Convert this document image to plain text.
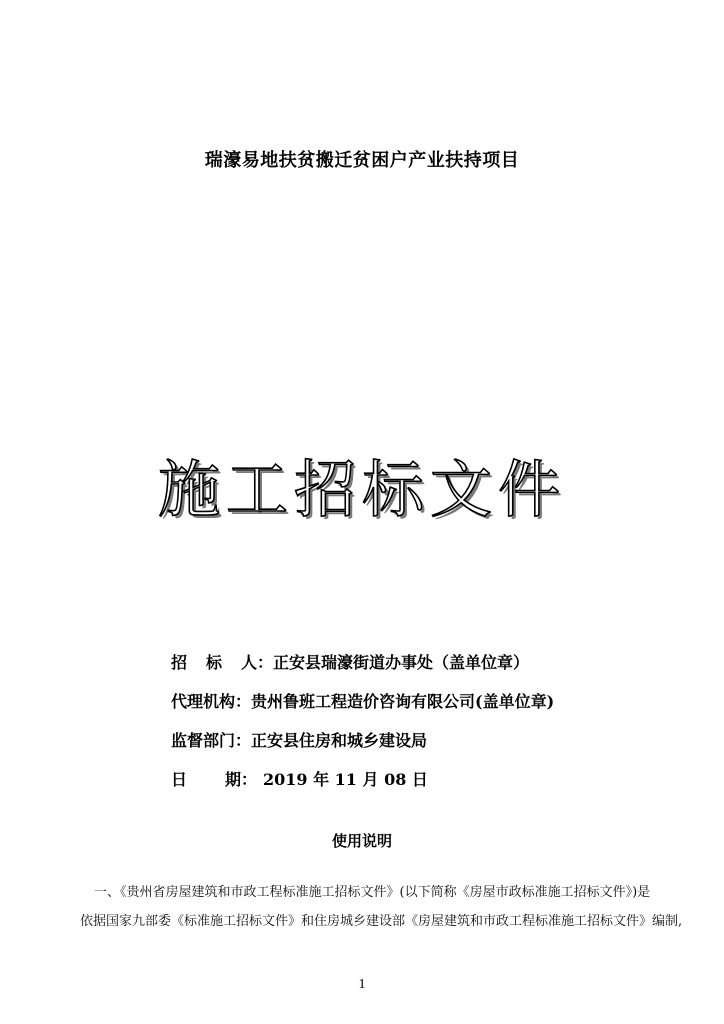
瑞濠易地扶贫搬迁贫困户产业扶持项目
施工招标文件
招 标 人 ： 正安县瑞濠街道办事处（盖单位章）
代理机构： 贵州鲁班工程造价咨询有限公司(盖单位章)
监督部门： 正安县住房和城乡建设局
日 期： 2019 年 11 月 08 日
使用说明
一、《贵州省房屋建筑和市政工程标准施工招标文件》(以下简称《房屋市政标准施工招标文件》)是
依据国家九部委《标准施工招标文件》和住房城乡建设部《房屋建筑和市政工程标准施工招标文件》编制,
1
